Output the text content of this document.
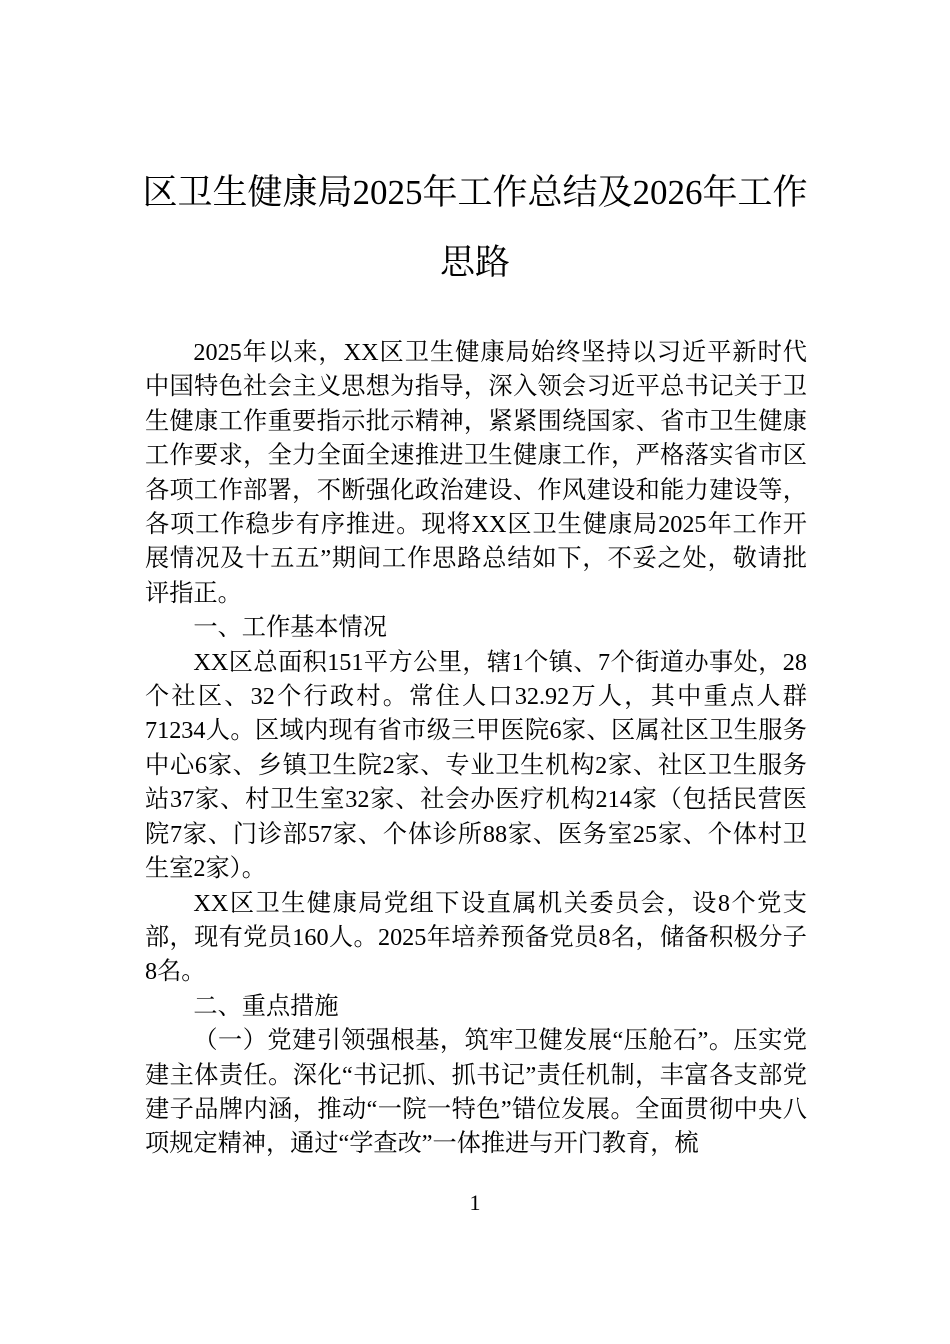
区卫生健康局2025年工作总结及2026年工作思路

2025年以来，XX区卫生健康局始终坚持以习近平新时代中国特色社会主义思想为指导，深入领会习近平总书记关于卫生健康工作重要指示批示精神，紧紧围绕国家、省市卫生健康工作要求，全力全面全速推进卫生健康工作，严格落实省市区各项工作部署，不断强化政治建设、作风建设和能力建设等，各项工作稳步有序推进。现将XX区卫生健康局2025年工作开展情况及十五五”期间工作思路总结如下，不妥之处，敬请批评指正。

一、工作基本情况

XX区总面积151平方公里，辖1个镇、7个街道办事处，28个社区、32个行政村。常住人口32.92万人，其中重点人群71234人。区域内现有省市级三甲医院6家、区属社区卫生服务中心6家、乡镇卫生院2家、专业卫生机构2家、社区卫生服务站37家、村卫生室32家、社会办医疗机构214家（包括民营医院7家、门诊部57家、个体诊所88家、医务室25家、个体村卫生室2家）。

XX区卫生健康局党组下设直属机关委员会，设8个党支部，现有党员160人。2025年培养预备党员8名，储备积极分子8名。

二、重点措施

（一）党建引领强根基，筑牢卫健发展“压舱石”。压实党建主体责任。深化“书记抓、抓书记”责任机制，丰富各支部党建子品牌内涵，推动“一院一特色”错位发展。全面贯彻中央八项规定精神，通过“学查改”一体推进与开门教育，梳

1
